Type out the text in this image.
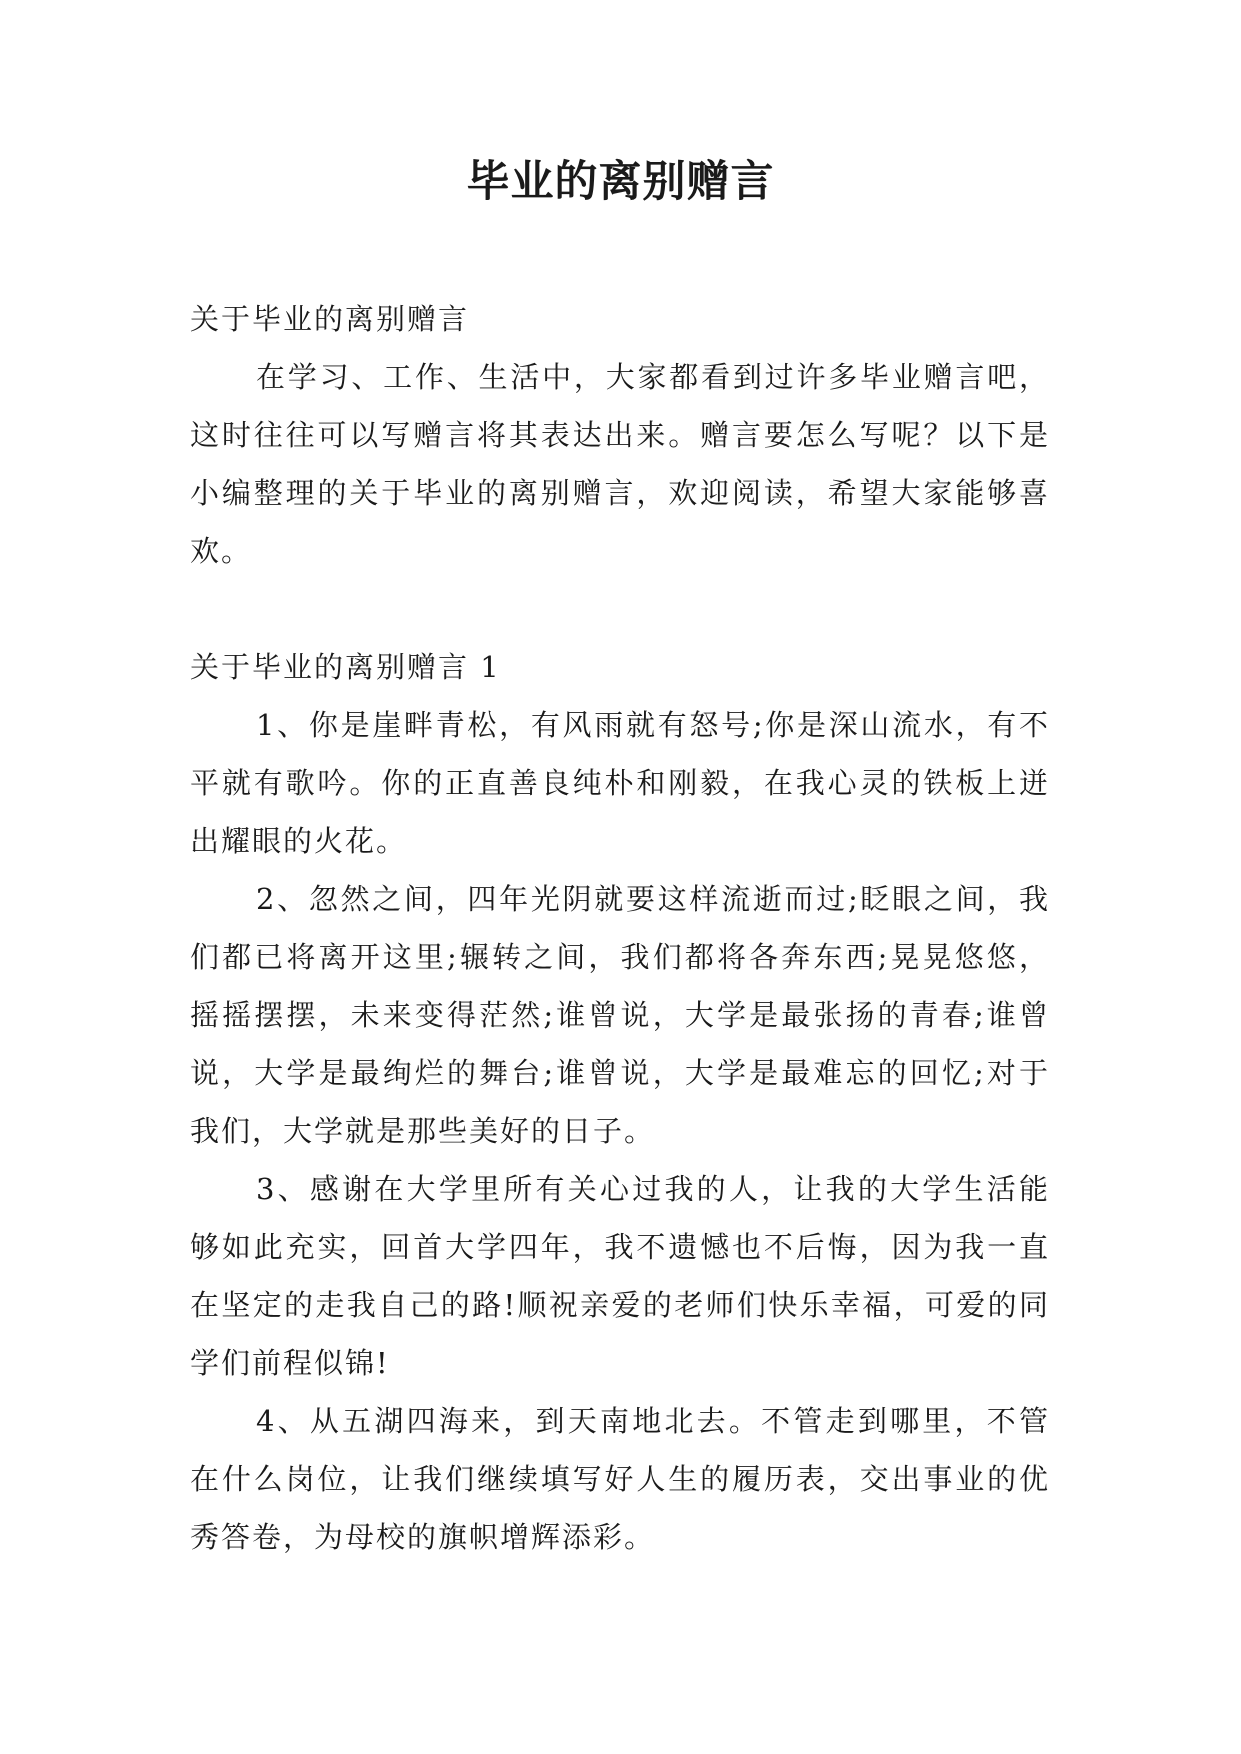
毕业的离别赠言

关于毕业的离别赠言

在学习、工作、生活中，大家都看到过许多毕业赠言吧，这时往往可以写赠言将其表达出来。赠言要怎么写呢？以下是小编整理的关于毕业的离别赠言，欢迎阅读，希望大家能够喜欢。

关于毕业的离别赠言 1

1、你是崖畔青松，有风雨就有怒号;你是深山流水，有不平就有歌吟。你的正直善良纯朴和刚毅，在我心灵的铁板上迸出耀眼的火花。

2、忽然之间，四年光阴就要这样流逝而过;眨眼之间，我们都已将离开这里;辗转之间，我们都将各奔东西;晃晃悠悠，摇摇摆摆，未来变得茫然;谁曾说，大学是最张扬的青春;谁曾说，大学是最绚烂的舞台;谁曾说，大学是最难忘的回忆;对于我们，大学就是那些美好的日子。

3、感谢在大学里所有关心过我的人，让我的大学生活能够如此充实，回首大学四年，我不遗憾也不后悔，因为我一直在坚定的走我自己的路!顺祝亲爱的老师们快乐幸福，可爱的同学们前程似锦!

4、从五湖四海来，到天南地北去。不管走到哪里，不管在什么岗位，让我们继续填写好人生的履历表，交出事业的优秀答卷，为母校的旗帜增辉添彩。
